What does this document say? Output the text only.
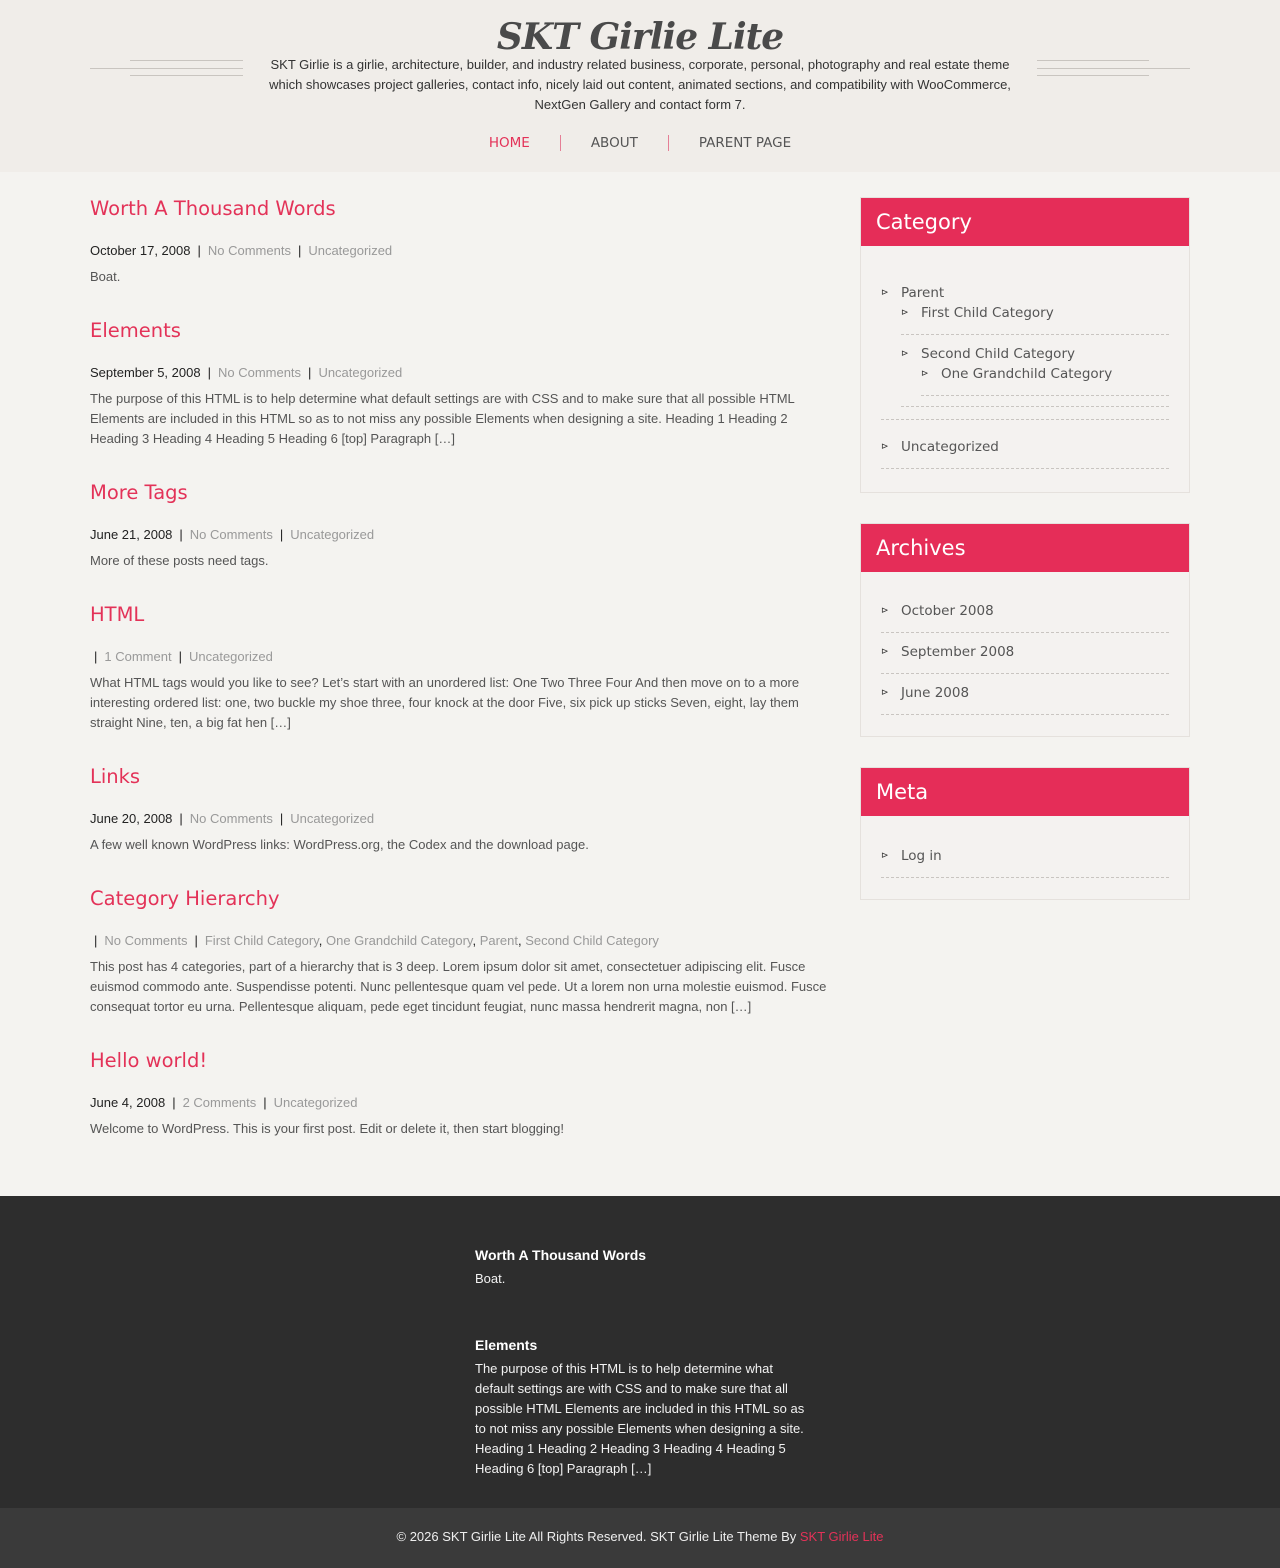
SKT Girlie Lite
SKT Girlie is a girlie, architecture, builder, and industry related business, corporate, personal, photography and real estate theme which showcases project galleries, contact info, nicely laid out content, animated sections, and compatibility with WooCommerce, NextGen Gallery and contact form 7.
HOME	ABOUT	PARENT PAGE
Worth A Thousand Words
October 17, 2008 | No Comments | Uncategorized
Boat.
Elements
September 5, 2008 | No Comments | Uncategorized
The purpose of this HTML is to help determine what default settings are with CSS and to make sure that all possible HTML Elements are included in this HTML so as to not miss any possible Elements when designing a site. Heading 1 Heading 2 Heading 3 Heading 4 Heading 5 Heading 6 [top] Paragraph […]
More Tags
June 21, 2008 | No Comments | Uncategorized
More of these posts need tags.
HTML
| 1 Comment | Uncategorized
What HTML tags would you like to see? Let’s start with an unordered list: One Two Three Four And then move on to a more interesting ordered list: one, two buckle my shoe three, four knock at the door Five, six pick up sticks Seven, eight, lay them straight Nine, ten, a big fat hen […]
Links
June 20, 2008 | No Comments | Uncategorized
A few well known WordPress links: WordPress.org, the Codex and the download page.
Category Hierarchy
| No Comments | First Child Category, One Grandchild Category, Parent, Second Child Category
This post has 4 categories, part of a hierarchy that is 3 deep. Lorem ipsum dolor sit amet, consectetuer adipiscing elit. Fusce euismod commodo ante. Suspendisse potenti. Nunc pellentesque quam vel pede. Ut a lorem non urna molestie euismod. Fusce consequat tortor eu urna. Pellentesque aliquam, pede eget tincidunt feugiat, nunc massa hendrerit magna, non […]
Hello world!
June 4, 2008 | 2 Comments | Uncategorized
Welcome to WordPress. This is your first post. Edit or delete it, then start blogging!
Category
⊳ Parent
⊳ First Child Category
⊳ Second Child Category
⊳ One Grandchild Category
⊳ Uncategorized
Archives
⊳ October 2008
⊳ September 2008
⊳ June 2008
Meta
⊳ Log in
Worth A Thousand Words
Boat.
Elements
The purpose of this HTML is to help determine what default settings are with CSS and to make sure that all possible HTML Elements are included in this HTML so as to not miss any possible Elements when designing a site. Heading 1 Heading 2 Heading 3 Heading 4 Heading 5 Heading 6 [top] Paragraph […]
© 2026 SKT Girlie Lite All Rights Reserved. SKT Girlie Lite Theme By SKT Girlie Lite
